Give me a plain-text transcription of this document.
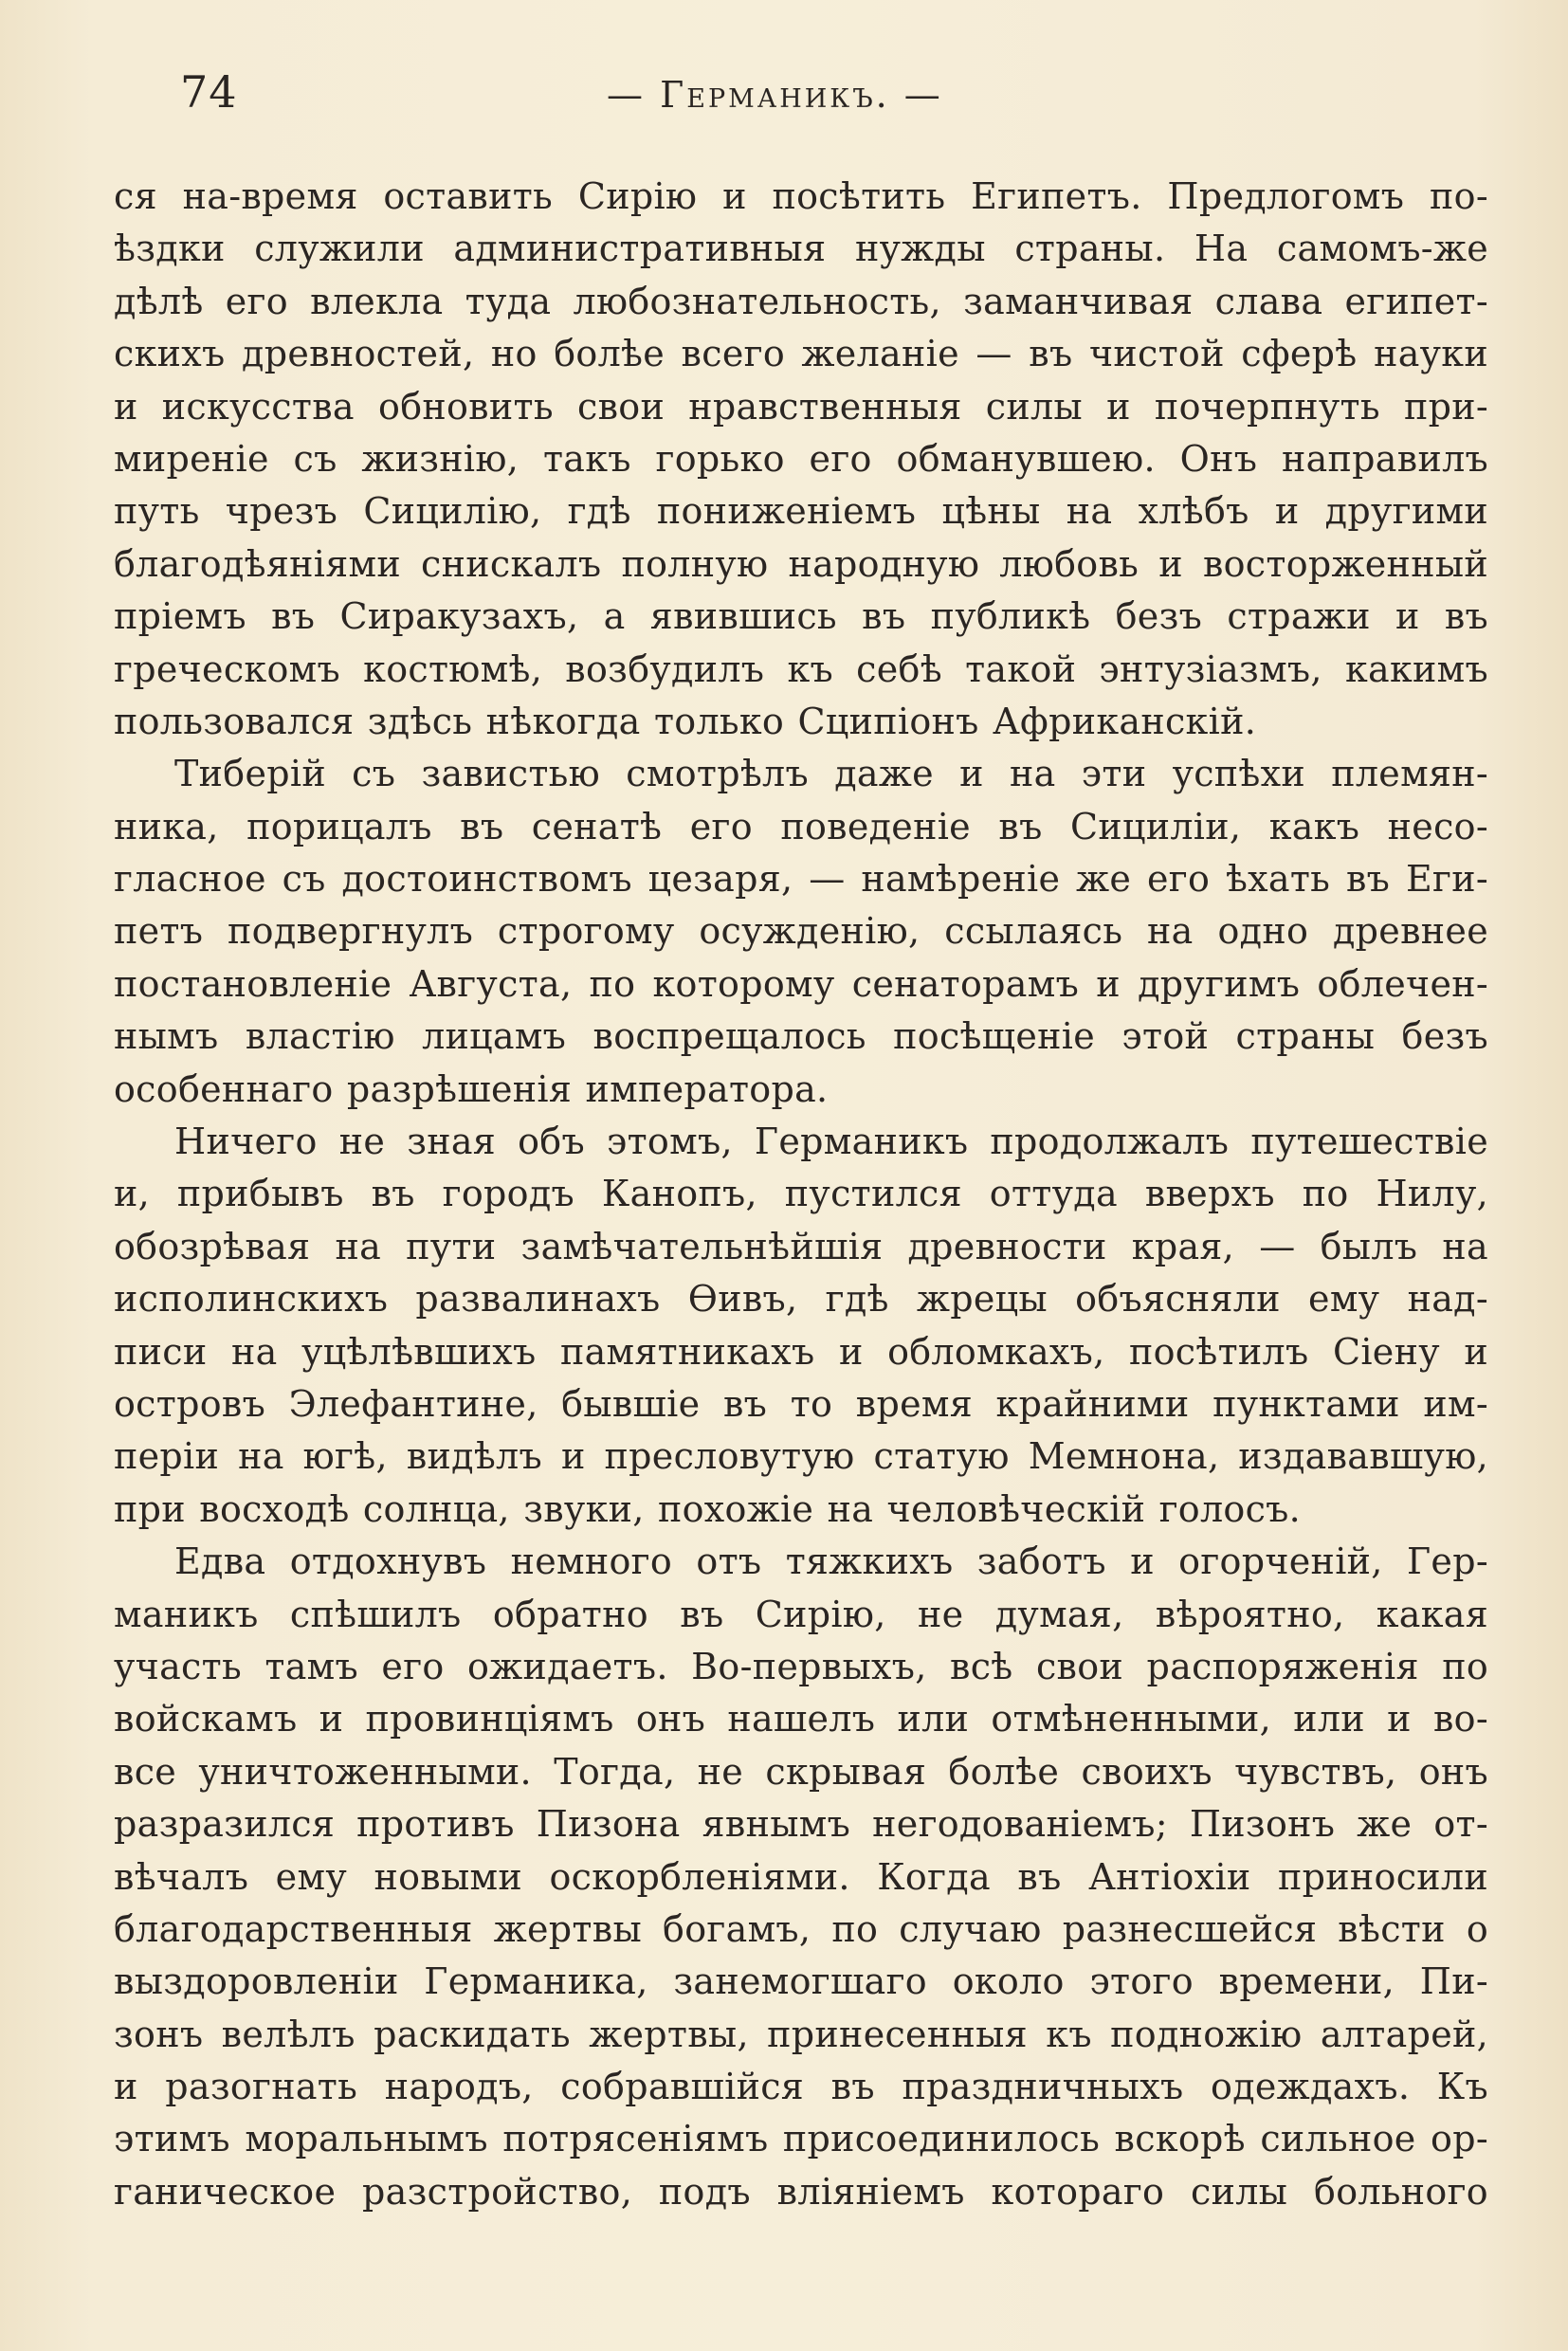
74	— Германикъ. —
ся на-время оставить Сирію и посѣтить Египетъ. Предлогомъ по-
ѣздки служили административныя нужды страны. На самомъ-же
дѣлѣ его влекла туда любознательность, заманчивая слава египет-
скихъ древностей, но болѣе всего желаніе — въ чистой сферѣ науки
и искусства обновить свои нравственныя силы и почерпнуть при-
миреніе съ жизнію, такъ горько его обманувшею. Онъ направилъ
путь чрезъ Сицилію, гдѣ пониженіемъ цѣны на хлѣбъ и другими
благодѣяніями снискалъ полную народную любовь и восторженный
пріемъ въ Сиракузахъ, а явившись въ публикѣ безъ стражи и въ
греческомъ костюмѣ, возбудилъ къ себѣ такой энтузіазмъ, какимъ
пользовался здѣсь нѣкогда только Сципіонъ Африканскій.
Тиберій съ завистью смотрѣлъ даже и на эти успѣхи племян-
ника, порицалъ въ сенатѣ его поведеніе въ Сициліи, какъ несо-
гласное съ достоинствомъ цезаря, — намѣреніе же его ѣхать въ Еги-
петъ подвергнулъ строгому осужденію, ссылаясь на одно древнее
постановленіе Августа, по которому сенаторамъ и другимъ облечен-
нымъ властію лицамъ воспрещалось посѣщеніе этой страны безъ
особеннаго разрѣшенія императора.
Ничего не зная объ этомъ, Германикъ продолжалъ путешествіе
и, прибывъ въ городъ Канопъ, пустился оттуда вверхъ по Нилу,
обозрѣвая на пути замѣчательнѣйшія древности края, — былъ на
исполинскихъ развалинахъ Ѳивъ, гдѣ жрецы объясняли ему над-
писи на уцѣлѣвшихъ памятникахъ и обломкахъ, посѣтилъ Сіену и
островъ Элефантине, бывшіе въ то время крайними пунктами им-
періи на югѣ, видѣлъ и пресловутую статую Мемнона, издававшую,
при восходѣ солнца, звуки, похожіе на человѣческій голосъ.
Едва отдохнувъ немного отъ тяжкихъ заботъ и огорченій, Гер-
маникъ спѣшилъ обратно въ Сирію, не думая, вѣроятно, какая
участь тамъ его ожидаетъ. Во-первыхъ, всѣ свои распоряженія по
войскамъ и провинціямъ онъ нашелъ или отмѣненными, или и во-
все уничтоженными. Тогда, не скрывая болѣе своихъ чувствъ, онъ
разразился противъ Пизона явнымъ негодованіемъ; Пизонъ же от-
вѣчалъ ему новыми оскорбленіями. Когда въ Антіохіи приносили
благодарственныя жертвы богамъ, по случаю разнесшейся вѣсти о
выздоровленіи Германика, занемогшаго около этого времени, Пи-
зонъ велѣлъ раскидать жертвы, принесенныя къ подножію алтарей,
и разогнать народъ, собравшійся въ праздничныхъ одеждахъ. Къ
этимъ моральнымъ потрясеніямъ присоединилось вскорѣ сильное ор-
ганическое разстройство, подъ вліяніемъ котораго силы больного
